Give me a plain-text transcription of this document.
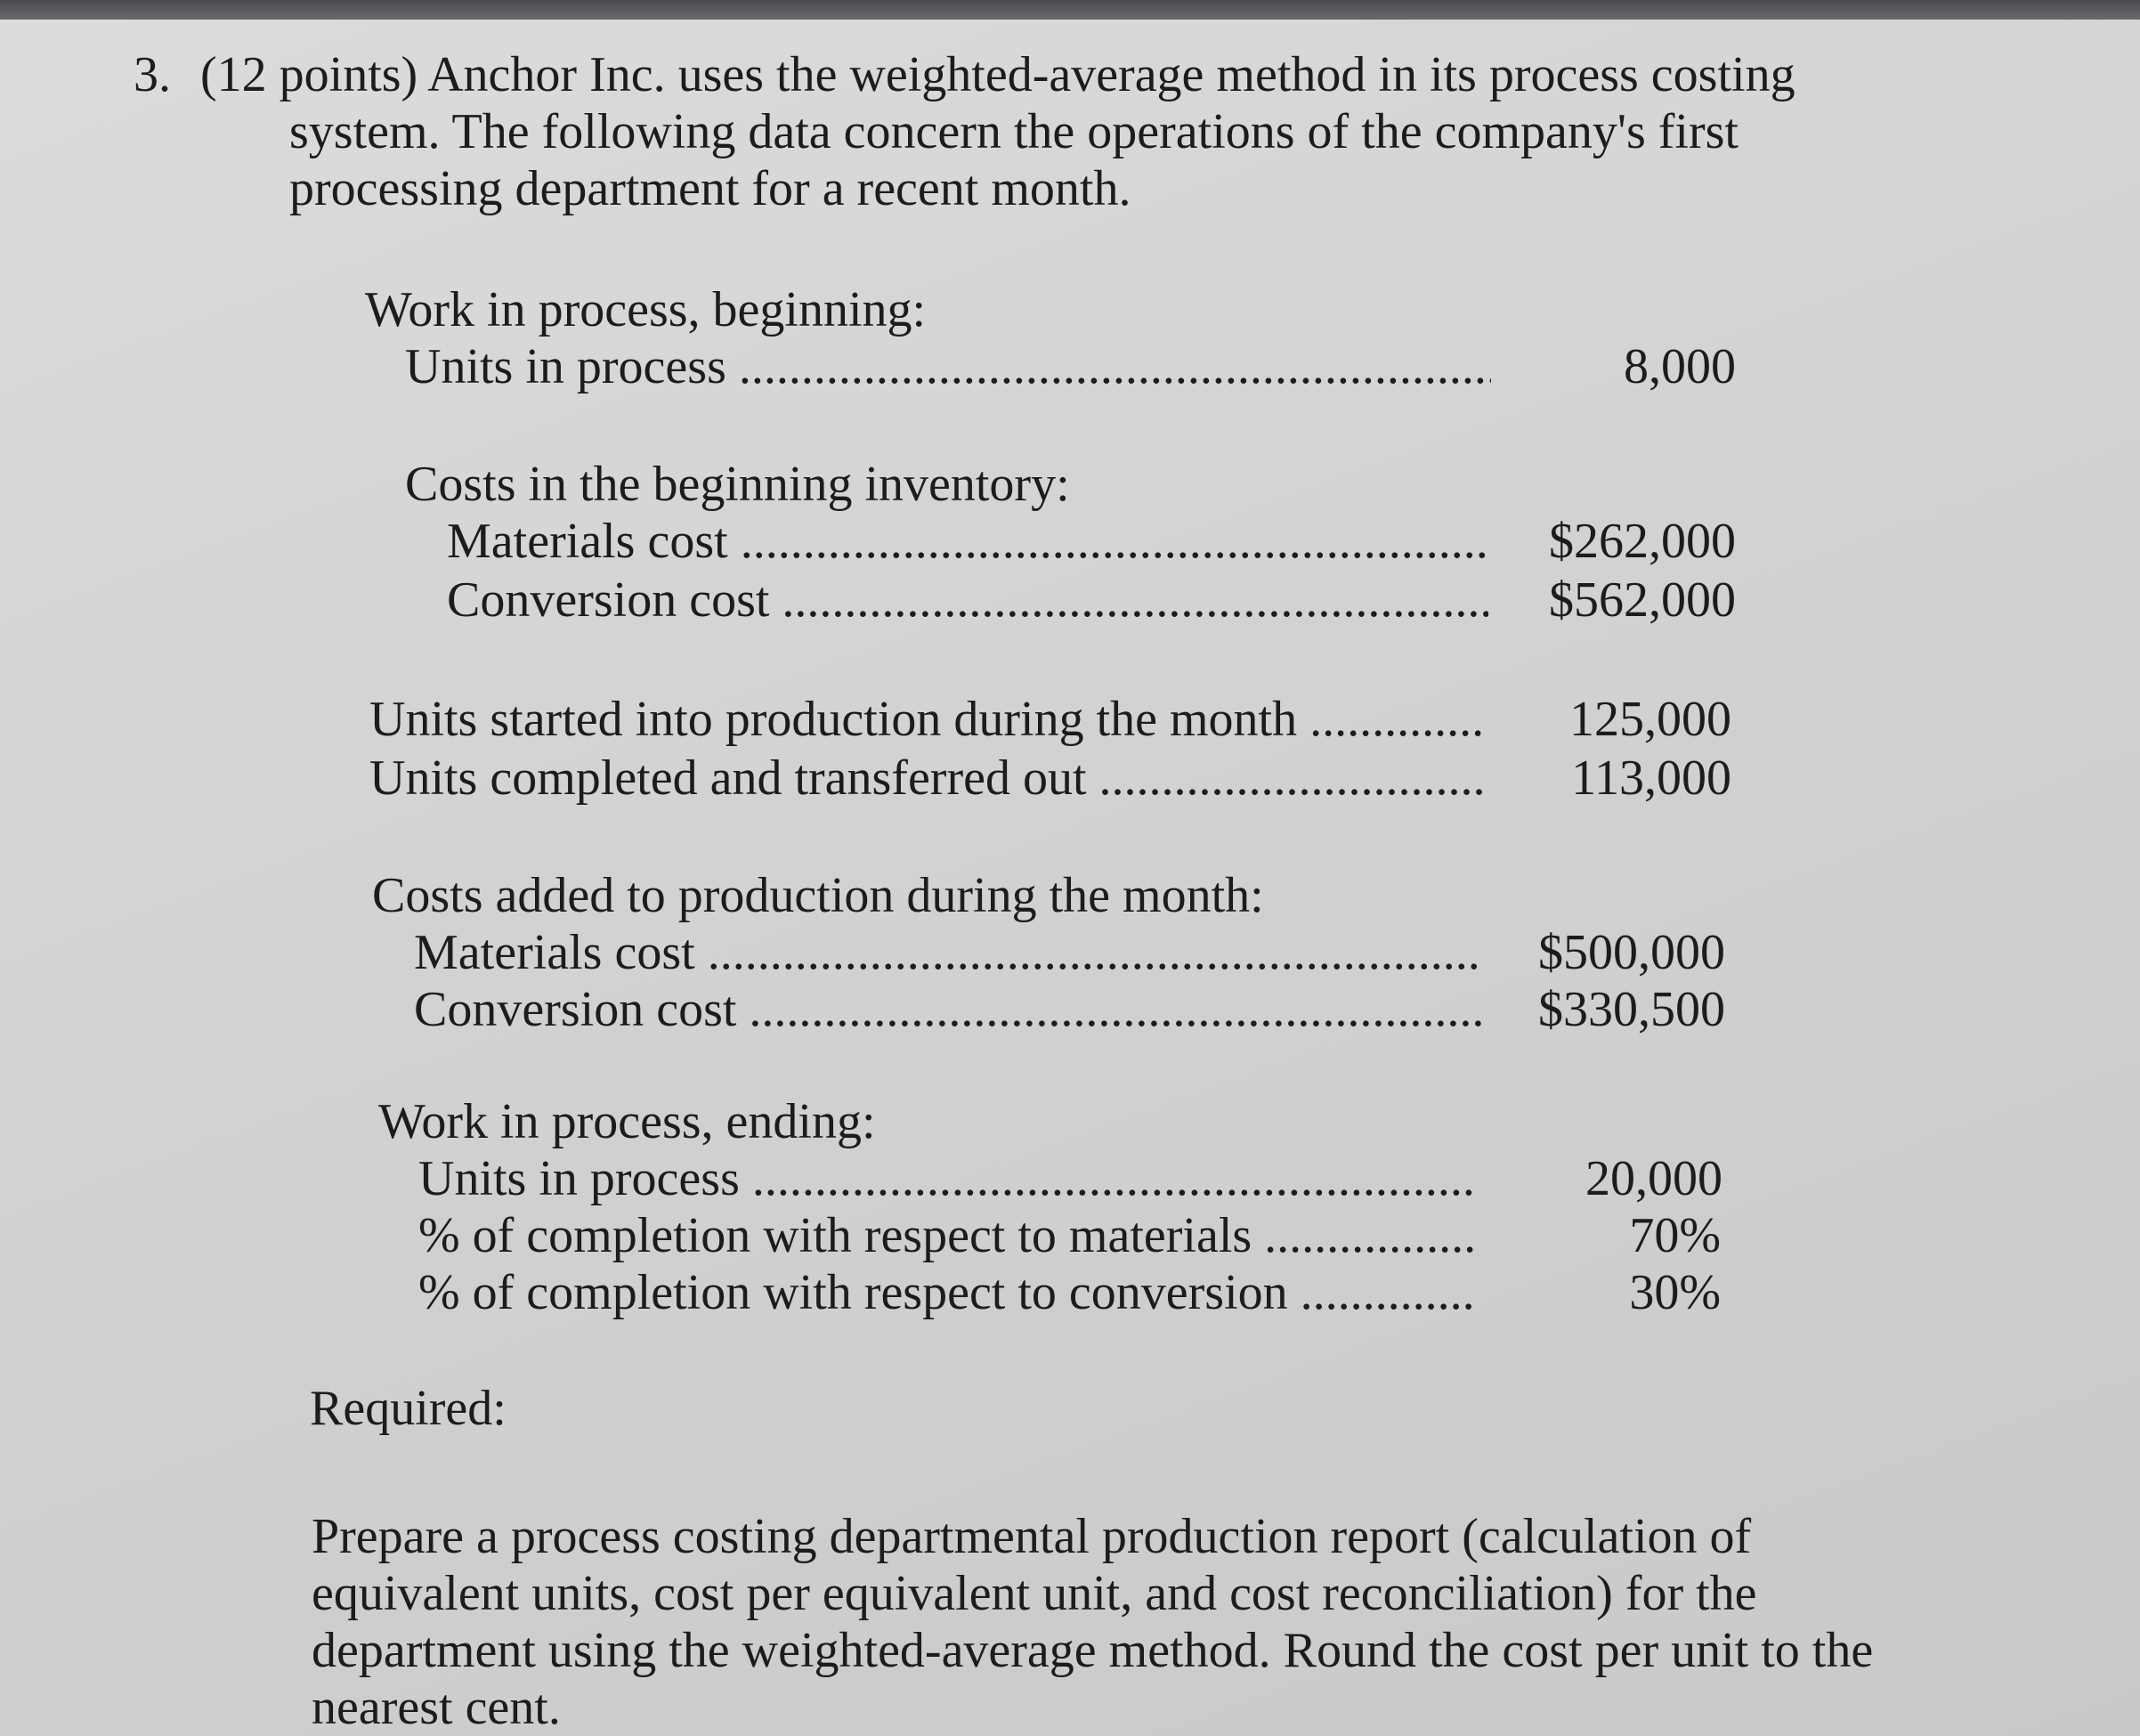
3. (12 points) Anchor Inc. uses the weighted-average method in its process costing
system. The following data concern the operations of the company's first
processing department for a recent month.
Work in process, beginning:
Units in process .....	8,000
Costs in the beginning inventory:
Materials cost .....	$262,000
Conversion cost .....	$562,000
Units started into production during the month .....	125,000
Units completed and transferred out .....	113,000
Costs added to production during the month:
Materials cost .....	$500,000
Conversion cost .....	$330,500
Work in process, ending:
Units in process .....	20,000
% of completion with respect to materials .....	70%
% of completion with respect to conversion .....	30%
Required:
Prepare a process costing departmental production report (calculation of
equivalent units, cost per equivalent unit, and cost reconciliation) for the
department using the weighted-average method. Round the cost per unit to the
nearest cent.
